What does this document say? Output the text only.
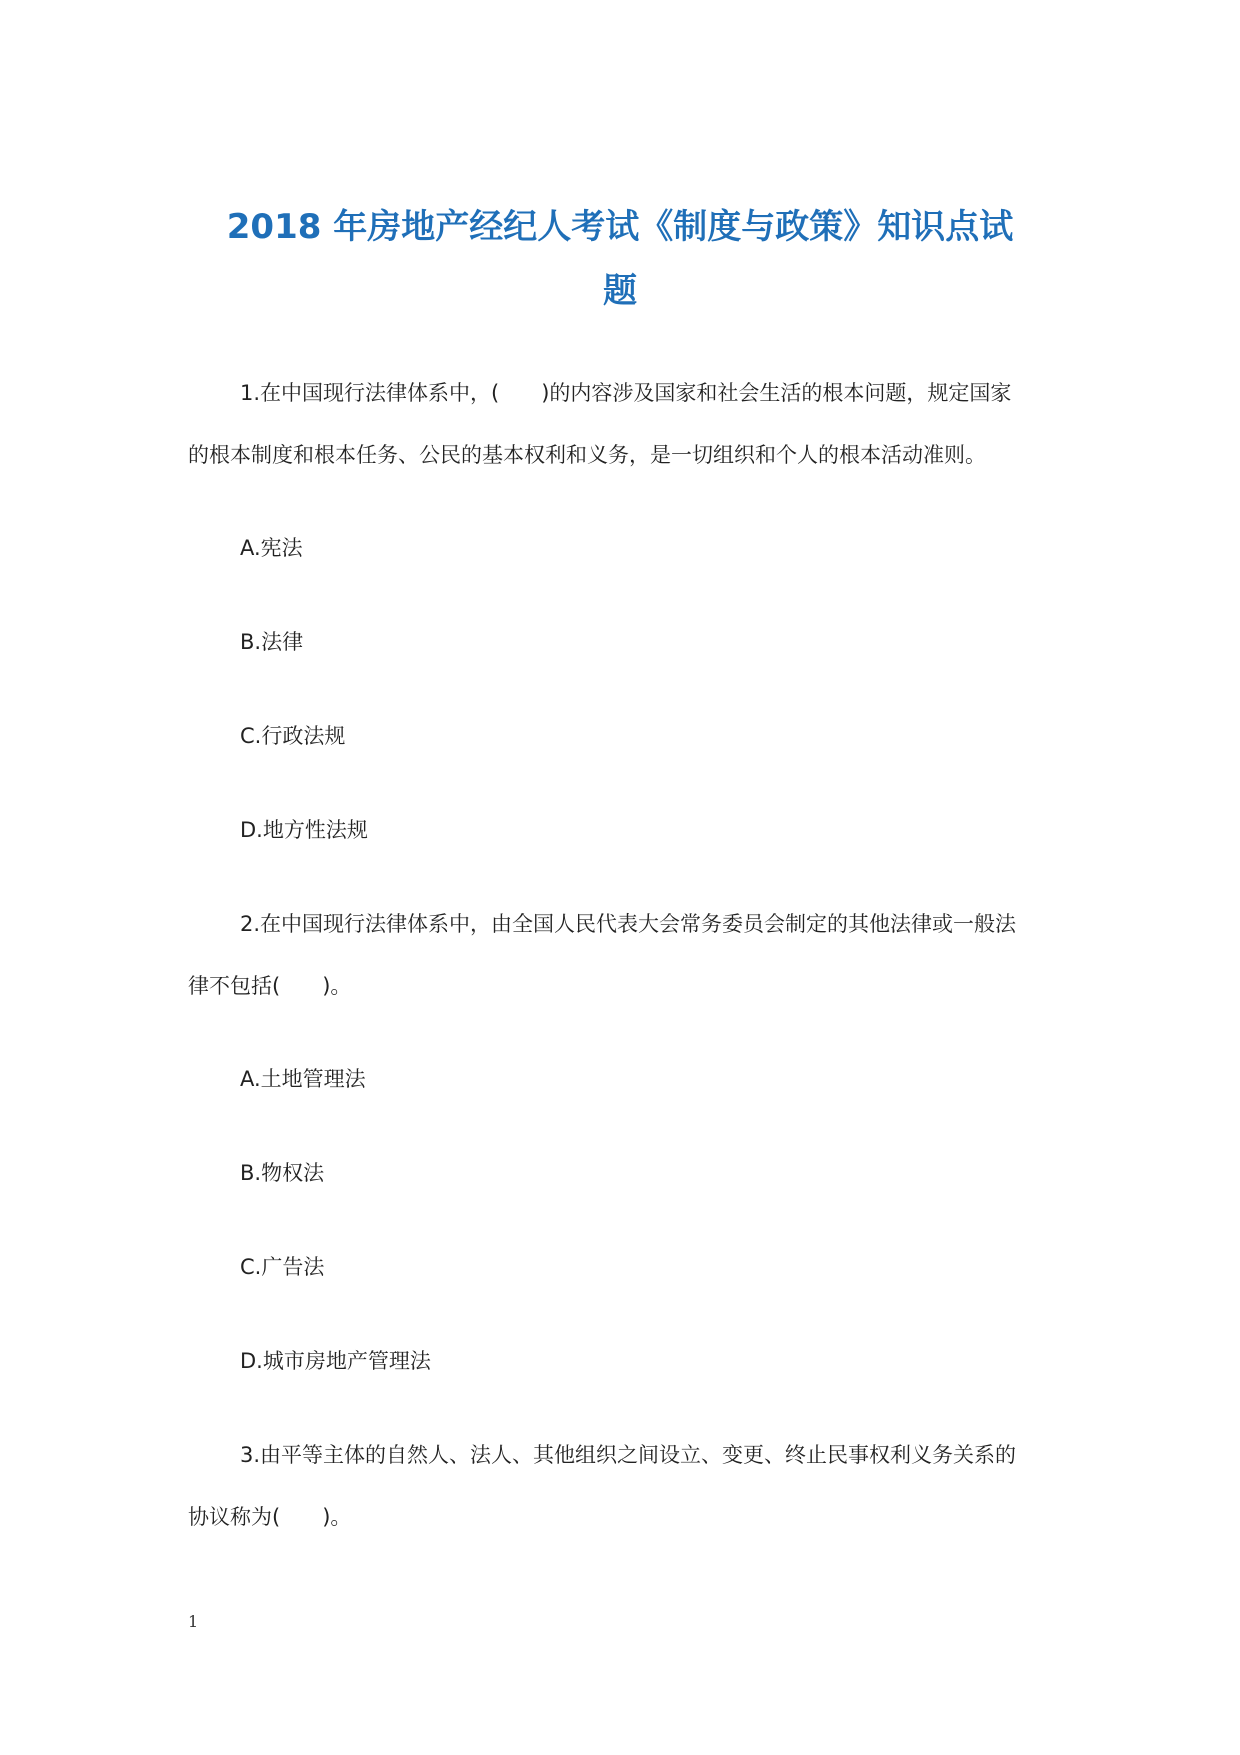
2018 年房地产经纪人考试《制度与政策》知识点试
题

1.在中国现行法律体系中，(　　)的内容涉及国家和社会生活的根本问题，规定国家

的根本制度和根本任务、公民的基本权利和义务，是一切组织和个人的根本活动准则。

A.宪法

B.法律

C.行政法规

D.地方性法规

2.在中国现行法律体系中，由全国人民代表大会常务委员会制定的其他法律或一般法

律不包括(　　)。

A.土地管理法

B.物权法

C.广告法

D.城市房地产管理法

3.由平等主体的自然人、法人、其他组织之间设立、变更、终止民事权利义务关系的

协议称为(　　)。

1
